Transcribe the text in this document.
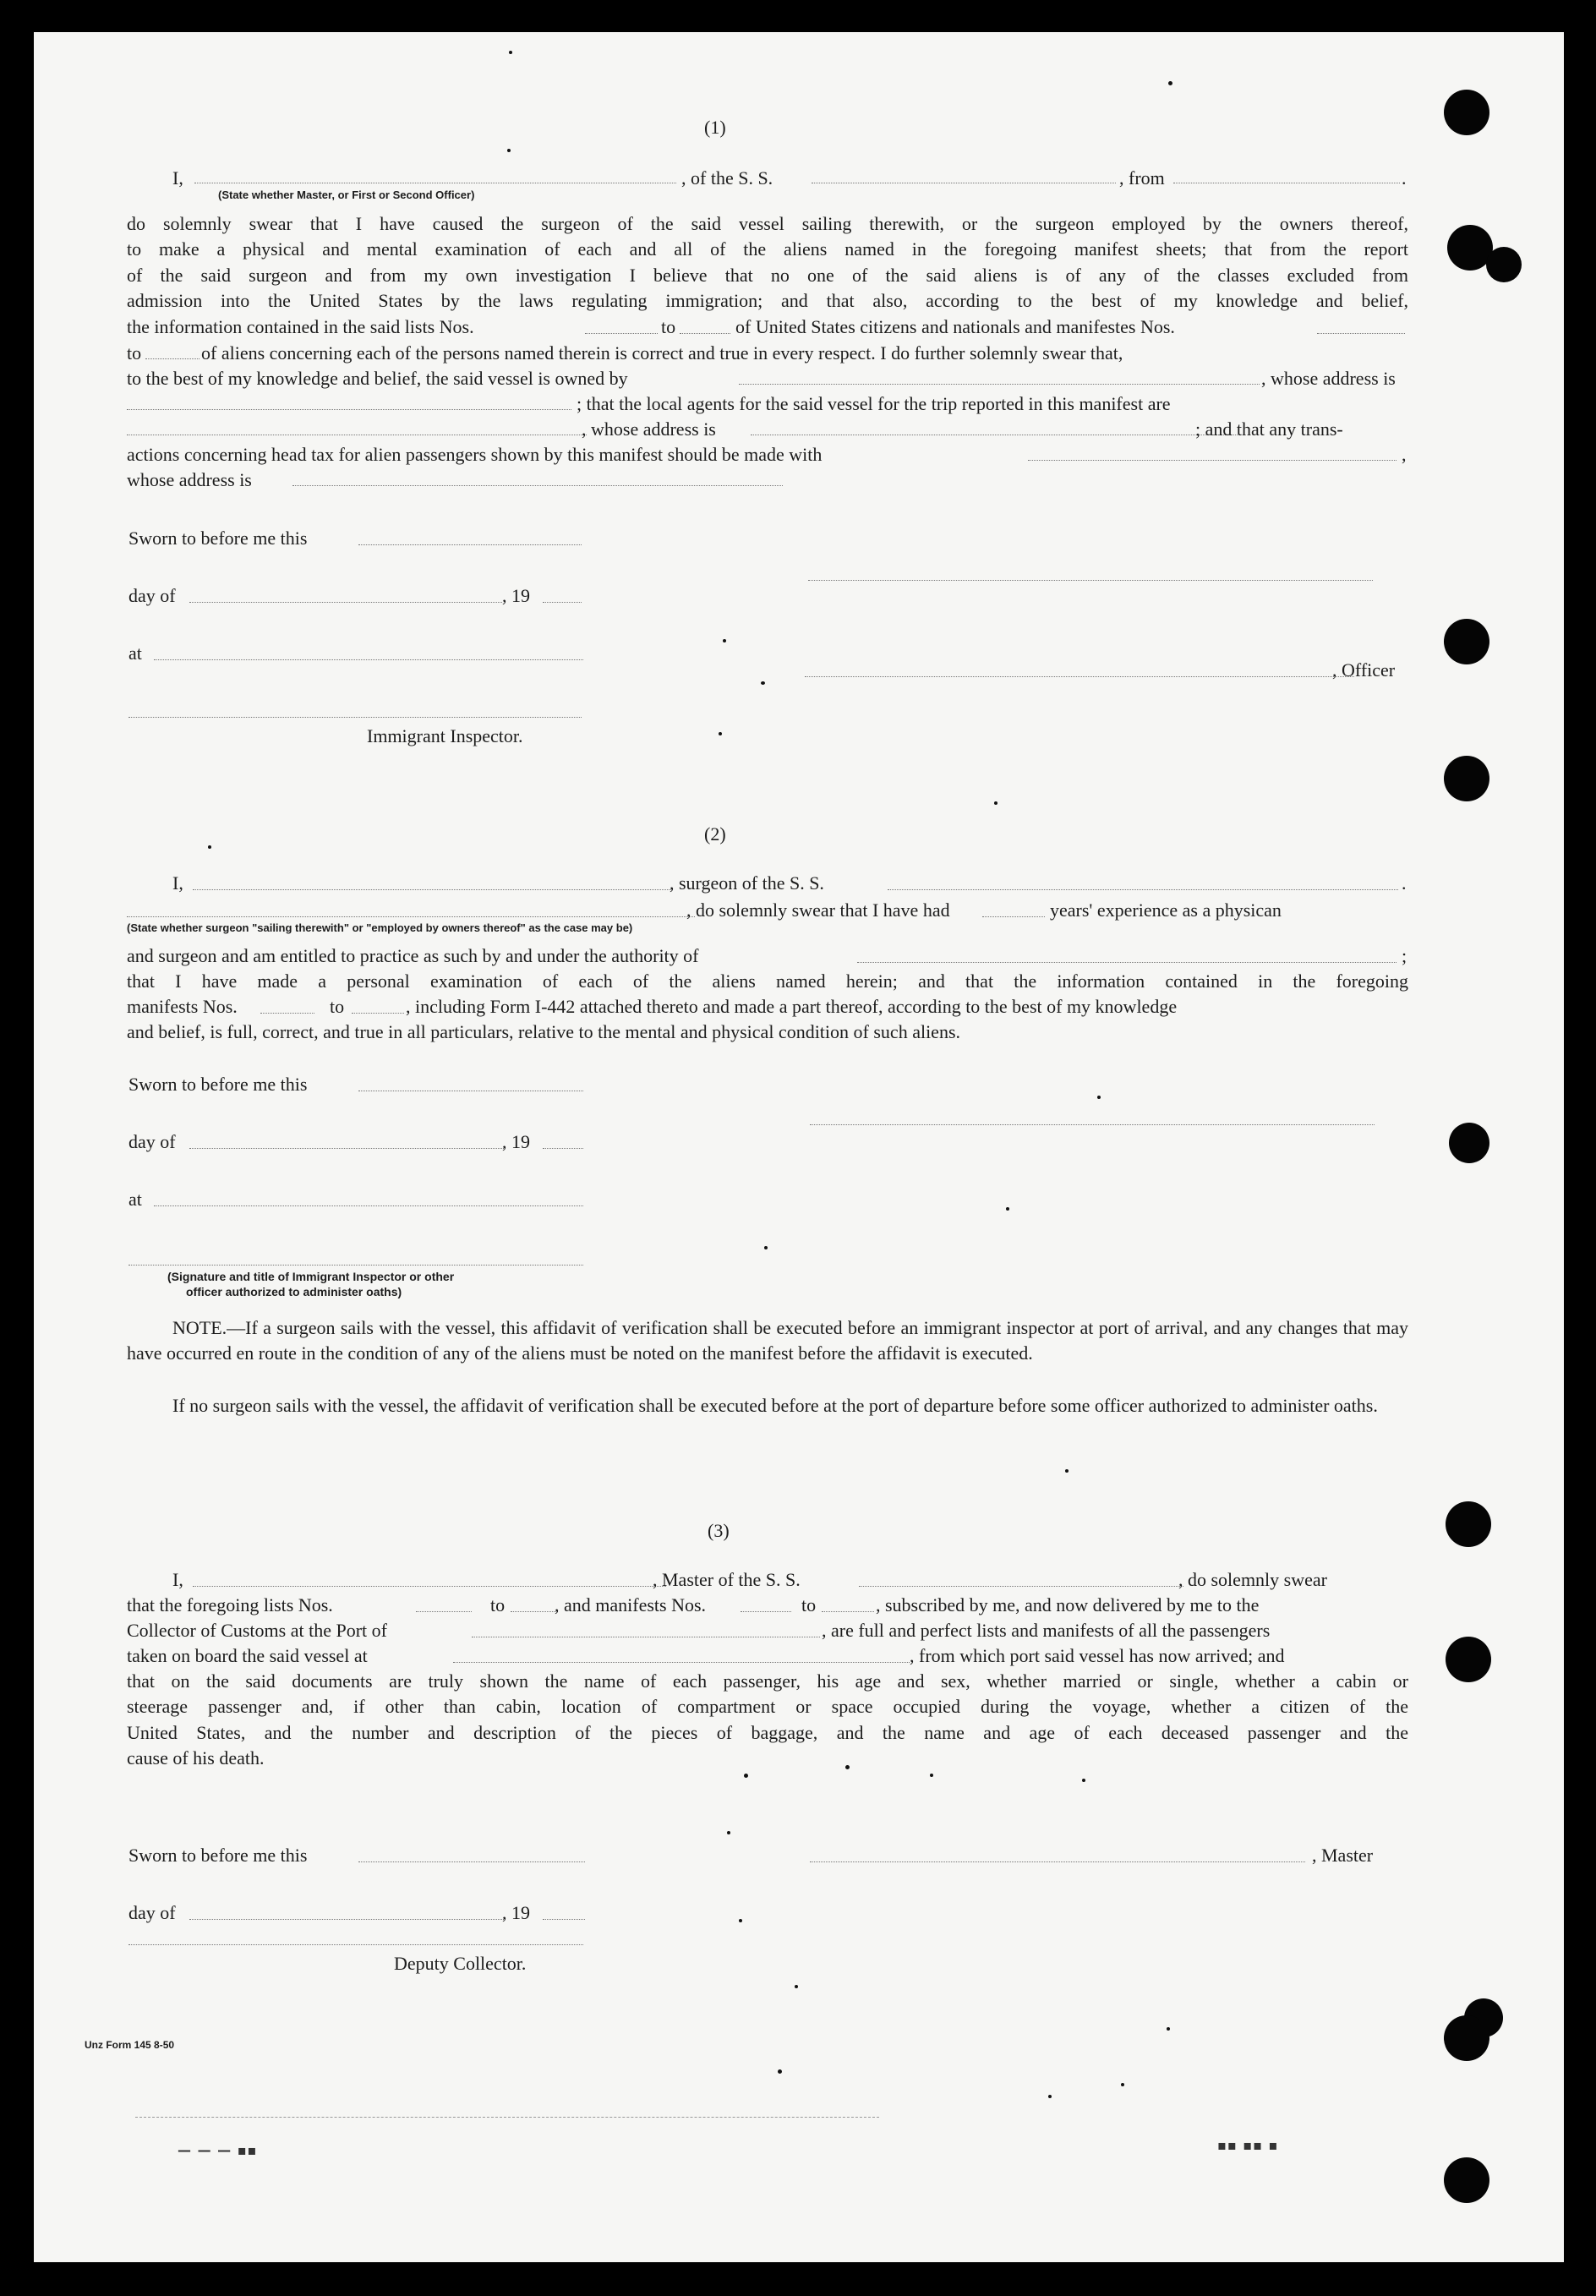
(1)
I,	, of the S. S.	, from	.
(State whether Master, or First or Second Officer)
do solemnly swear that I have caused the surgeon of the said vessel sailing therewith, or the surgeon employed by the owners thereof,
to make a physical and mental examination of each and all of the aliens named in the foregoing manifest sheets; that from the report
of the said surgeon and from my own investigation I believe that no one of the said aliens is of any of the classes excluded from
admission into the United States by the laws regulating immigration; and that also, according to the best of my knowledge and belief,
the information contained in the said lists Nos.	to	of United States citizens and nationals and manifestes Nos.
to	of aliens concerning each of the persons named therein is correct and true in every respect. I do further solemnly swear that,
to the best of my knowledge and belief, the said vessel is owned by	, whose address is
; that the local agents for the said vessel for the trip reported in this manifest are
, whose address is	; and that any trans-
actions concerning head tax for alien passengers shown by this manifest should be made with	,
whose address is
Sworn to before me this
day of	, 19
at
, Officer
Immigrant Inspector.
(2)
I,	, surgeon of the S. S.	.
, do solemnly swear that I have had	years' experience as a physican
(State whether surgeon "sailing therewith" or "employed by owners thereof" as the case may be)
and surgeon and am entitled to practice as such by and under the authority of	;
that I have made a personal examination of each of the aliens named herein; and that the information contained in the foregoing
manifests Nos.	to	, including Form I-442 attached thereto and made a part thereof, according to the best of my knowledge
and belief, is full, correct, and true in all particulars, relative to the mental and physical condition of such aliens.
Sworn to before me this
day of	, 19
at
(Signature and title of Immigrant Inspector or other
officer authorized to administer oaths)
NOTE.—If a surgeon sails with the vessel, this affidavit of verification shall be executed before an immigrant inspector at port of arrival, and any changes that may have occurred en route in the condition of any of the aliens must be noted on the manifest before the affidavit is executed.
If no surgeon sails with the vessel, the affidavit of verification shall be executed before at the port of departure before some officer authorized to administer oaths.
(3)
I,	, Master of the S. S.	, do solemnly swear
that the foregoing lists Nos.	to	, and manifests Nos.	to	, subscribed by me, and now delivered by me to the
Collector of Customs at the Port of	, are full and perfect lists and manifests of all the passengers
taken on board the said vessel at	, from which port said vessel has now arrived; and
that on the said documents are truly shown the name of each passenger, his age and sex, whether married or single, whether a cabin or
steerage passenger and, if other than cabin, location of compartment or space occupied during the voyage, whether a citizen of the
United States, and the number and description of the pieces of baggage, and the name and age of each deceased passenger and the
cause of his death.
Sworn to before me this	, Master
day of	, 19
Deputy Collector.
Unz Form 145 8-50
— — — ▪▪	▪▪ ▪▪ ▪
